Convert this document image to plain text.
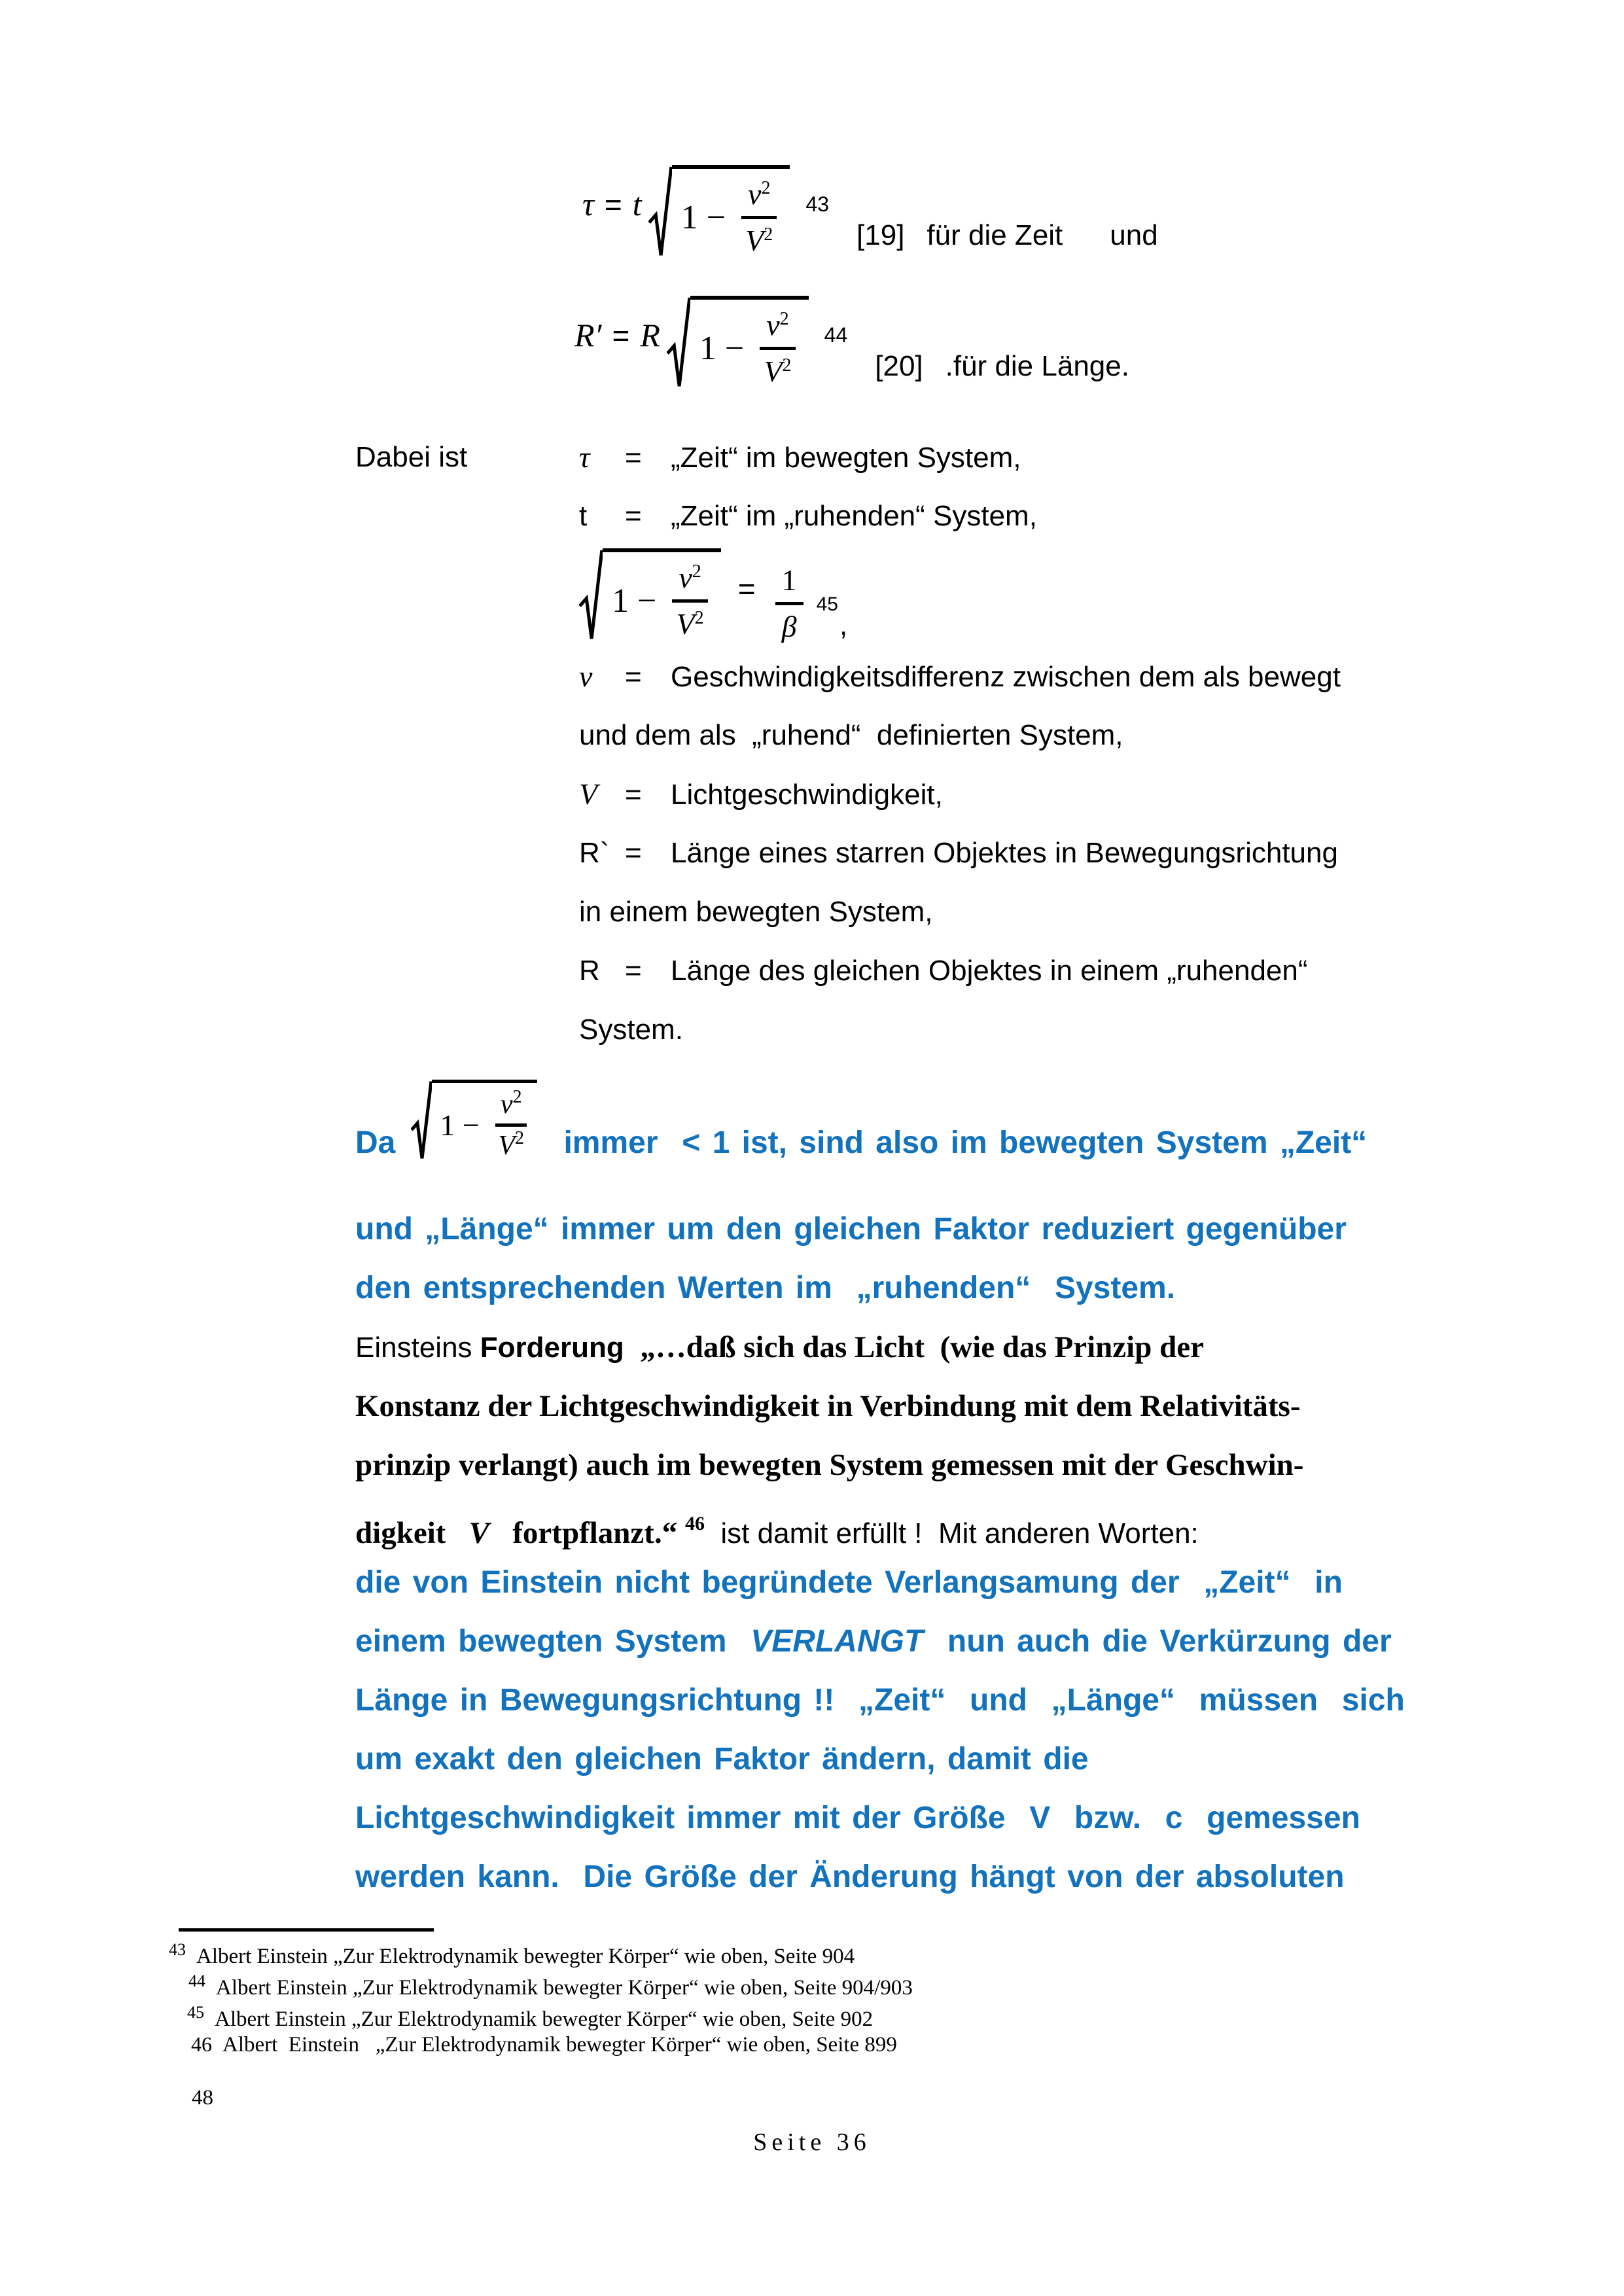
τ = t $1 - \frac{v^2}{V^2} 43$
[19] für die Zeit und
R′ = R $1 - \frac{v^2}{V^2} 44$
[20] .für die Länge.
Dabei ist	τ = „Zeit“ im bewegten System,
t = „Zeit“ im „ruhenden“ System,
$1 - \frac{v^2}{V^2} = \frac{1}{\beta} 45$
,
v = Geschwindigkeitsdifferenz zwischen dem als bewegt
und dem als  „ruhend“  definierten System,
V = Lichtgeschwindigkeit,
R` = Länge eines starren Objektes in Bewegungsrichtung
in einem bewegten System,
R = Länge des gleichen Objektes in einem „ruhenden“
System.
Da
$1 - \frac{v^2}{V^2}$ immer  < 1 ist, sind also im bewegten System „Zeit“
und „Länge“ immer um den gleichen Faktor reduziert gegenüber
den entsprechenden Werten im  „ruhenden“  System.
Einsteins Forderung  „…daß sich das Licht  (wie das Prinzip der
Konstanz der Lichtgeschwindigkeit in Verbindung mit dem Relativitäts-
prinzip verlangt) auch im bewegten System gemessen mit der Geschwin-
digkeit   V   fortpflanzt.“ $^{46}$  ist damit erfüllt !  Mit anderen Worten:
die von Einstein nicht begründete Verlangsamung der  „Zeit“  in
einem bewegten System  VERLANGT  nun auch die Verkürzung der
Länge in Bewegungsrichtung !!  „Zeit“  und  „Länge“  müssen  sich
um exakt den gleichen Faktor ändern, damit die
Lichtgeschwindigkeit immer mit der Größe  V  bzw.  c  gemessen
werden kann.  Die Größe der Änderung hängt von der absoluten
$^{43}$ Albert Einstein „Zur Elektrodynamik bewegter Körper“ wie oben, Seite 904
$^{44}$ Albert Einstein „Zur Elektrodynamik bewegter Körper“ wie oben, Seite 904/903
$^{45}$ Albert Einstein „Zur Elektrodynamik bewegter Körper“ wie oben, Seite 902
46 Albert  Einstein   „Zur Elektrodynamik bewegter Körper“ wie oben, Seite 899
48
Seite 36
